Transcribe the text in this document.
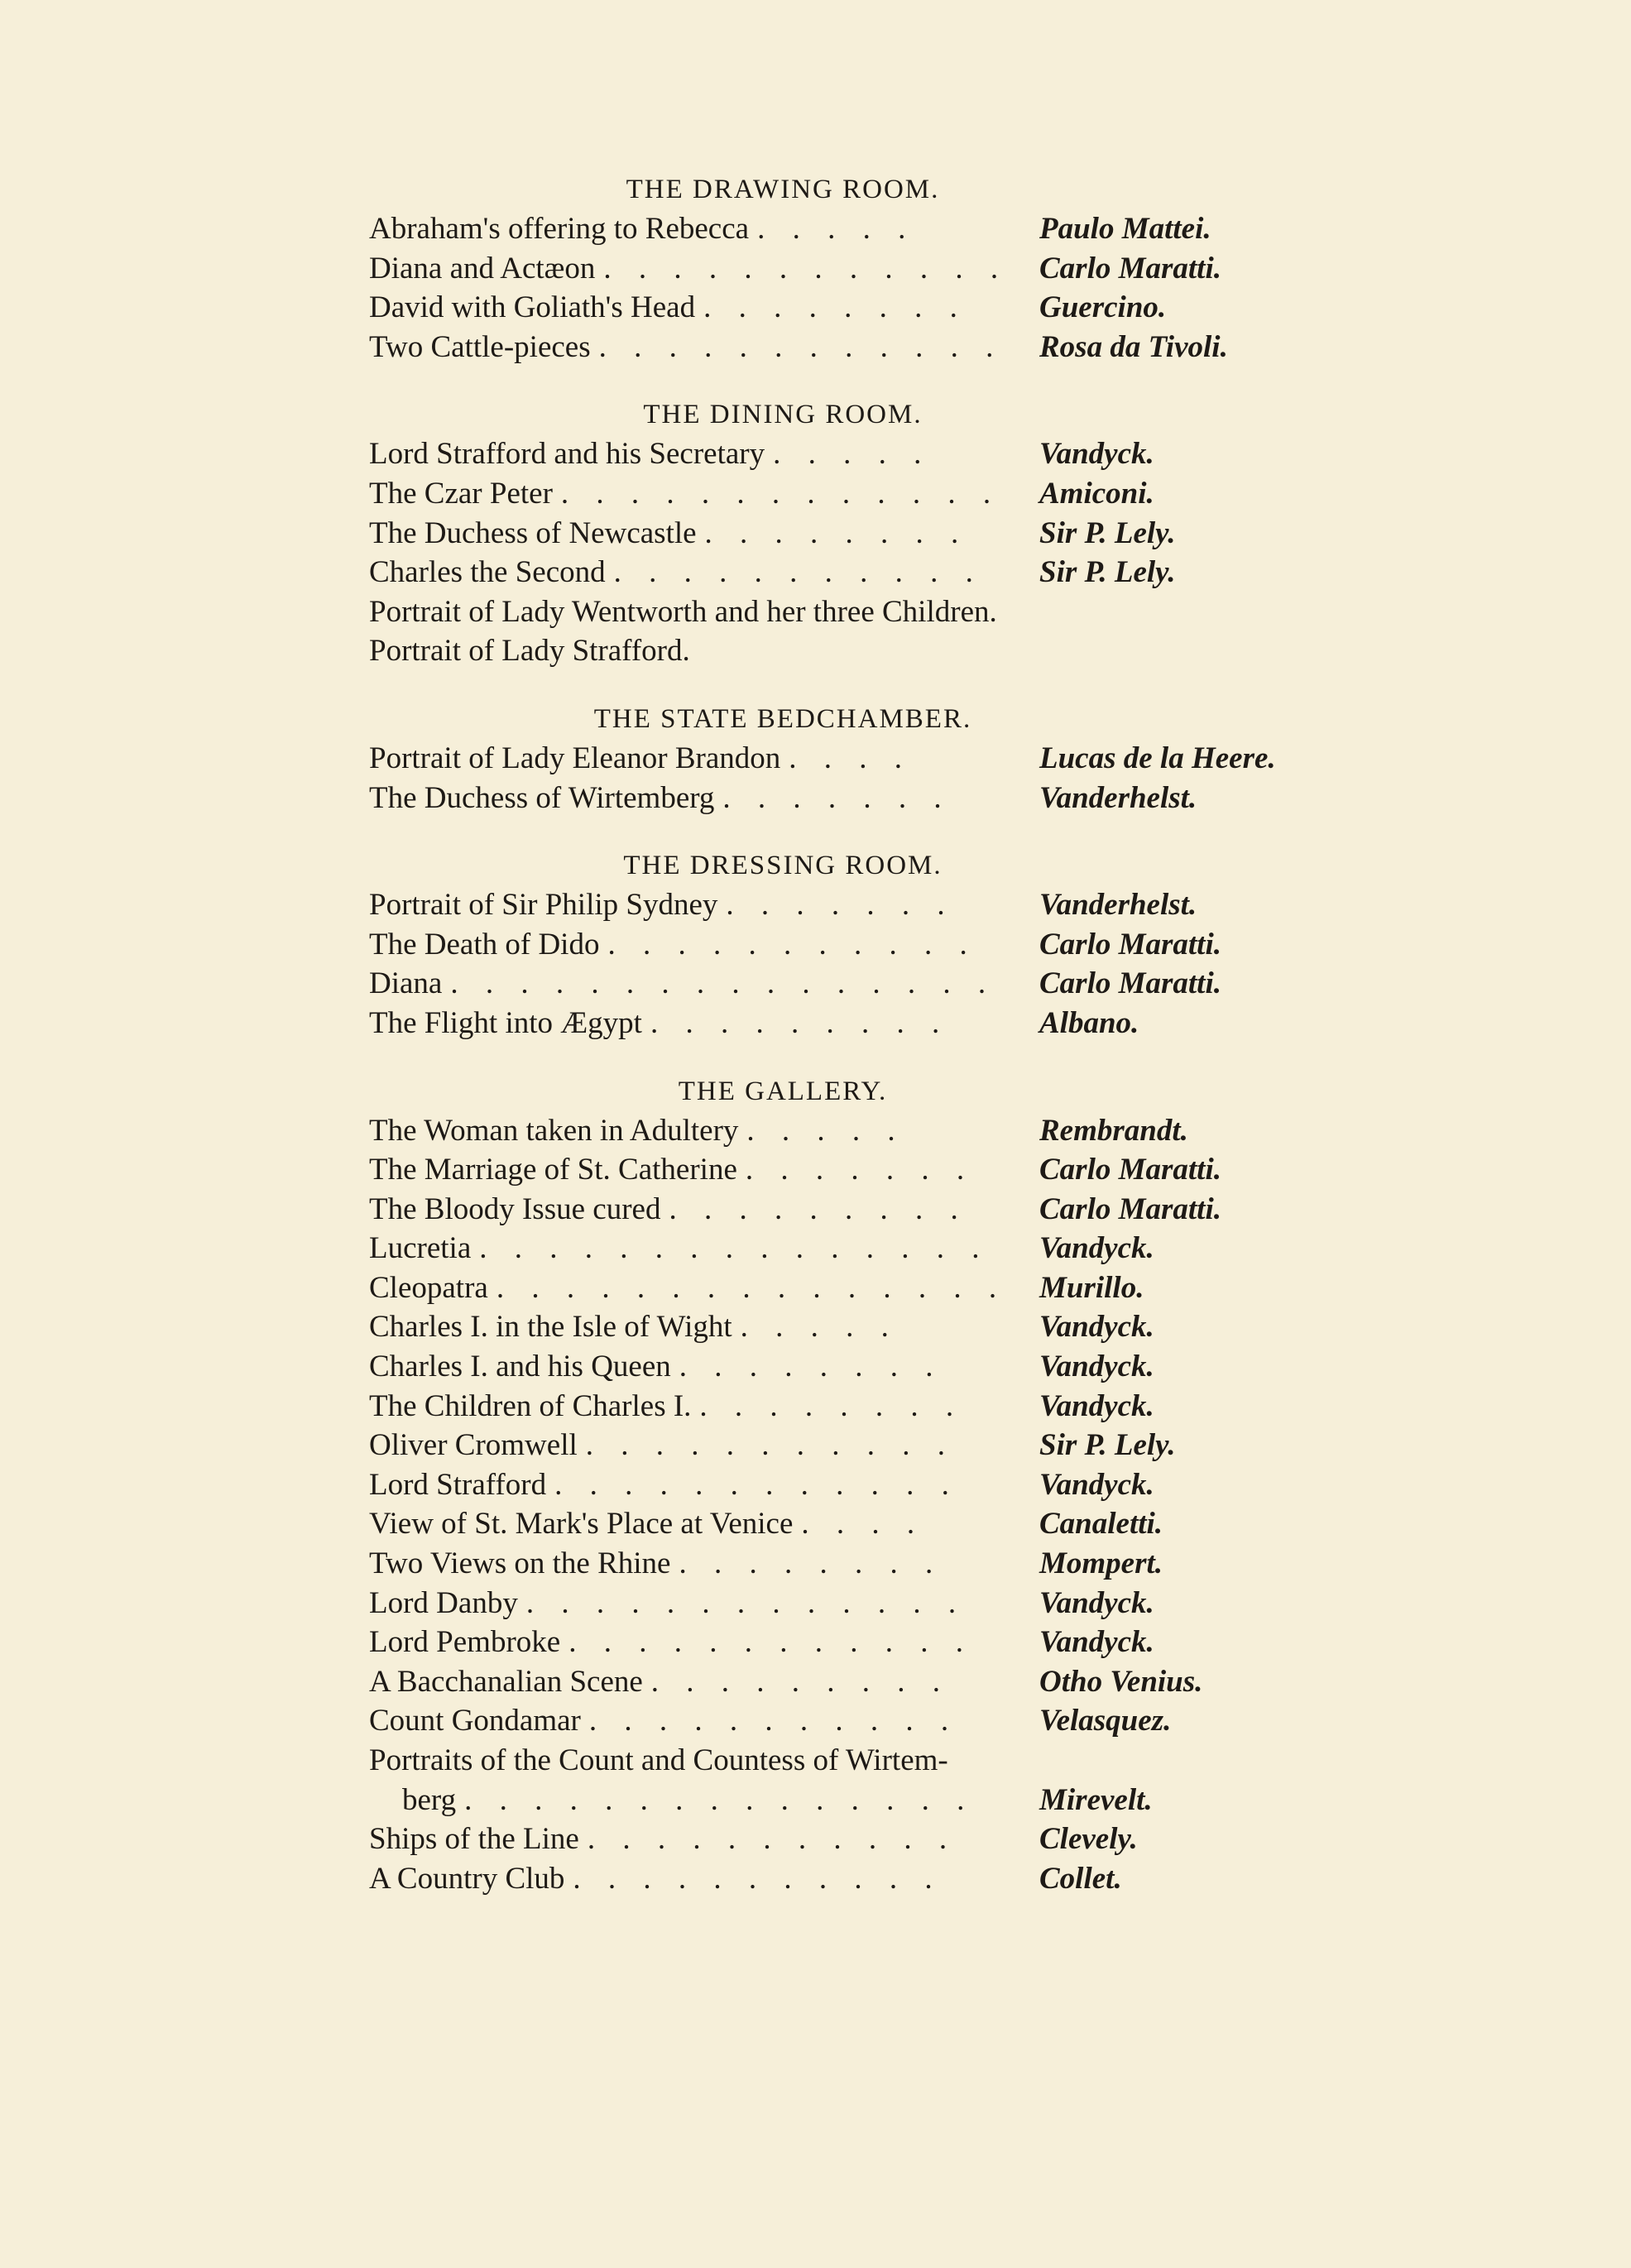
THE DRAWING ROOM.
Abraham's offering to Rebecca . . . . .	Paulo Mattei.
Diana and Actæon . . . . . . . . . . . . Carlo Maratti.
David with Goliath's Head . . . . . . . . Guercino.
Two Cattle-pieces . . . . . . . . . . . . Rosa da Tivoli.
THE DINING ROOM.
Lord Strafford and his Secretary . . . . .	Vandyck.
The Czar Peter . . . . . . . . . . . . . Amiconi.
The Duchess of Newcastle . . . . . . . . Sir P. Lely.
Charles the Second . . . . . . . . . . . Sir P. Lely.
Portrait of Lady Wentworth and her three Children.
Portrait of Lady Strafford.
THE STATE BEDCHAMBER.
Portrait of Lady Eleanor Brandon . . . .	Lucas de la Heere.
The Duchess of Wirtemberg . . . . . . .	Vanderhelst.
THE DRESSING ROOM.
Portrait of Sir Philip Sydney . . . . . . .	Vanderhelst.
The Death of Dido . . . . . . . . . . . Carlo Maratti.
Diana . . . . . . . . . . . . . . . . Carlo Maratti.
The Flight into Ægypt . . . . . . . . .	Albano.
THE GALLERY.
The Woman taken in Adultery . . . . .	Rembrandt.
The Marriage of St. Catherine . . . . . . . Carlo Maratti.
The Bloody Issue cured . . . . . . . . . Carlo Maratti.
Lucretia . . . . . . . . . . . . . . . Vandyck.
Cleopatra . . . . . . . . . . . . . . . Murillo.
Charles I. in the Isle of Wight . . . . .	Vandyck.
Charles I. and his Queen . . . . . . . .	Vandyck.
The Children of Charles I. . . . . . . . . Vandyck.
Oliver Cromwell . . . . . . . . . . .	Sir P. Lely.
Lord Strafford . . . . . . . . . . . .	Vandyck.
View of St. Mark's Place at Venice . . . .	Canaletti.
Two Views on the Rhine . . . . . . . .	Mompert.
Lord Danby . . . . . . . . . . . . . Vandyck.
Lord Pembroke . . . . . . . . . . . . Vandyck.
A Bacchanalian Scene . . . . . . . . .	Otho Venius.
Count Gondamar . . . . . . . . . . .	Velasquez.
Portraits of the Count and Countess of Wirtem-
berg . . . . . . . . . . . . . . . Mirevelt.
Ships of the Line . . . . . . . . . . .	Clevely.
A Country Club . . . . . . . . . . .	Collet.
